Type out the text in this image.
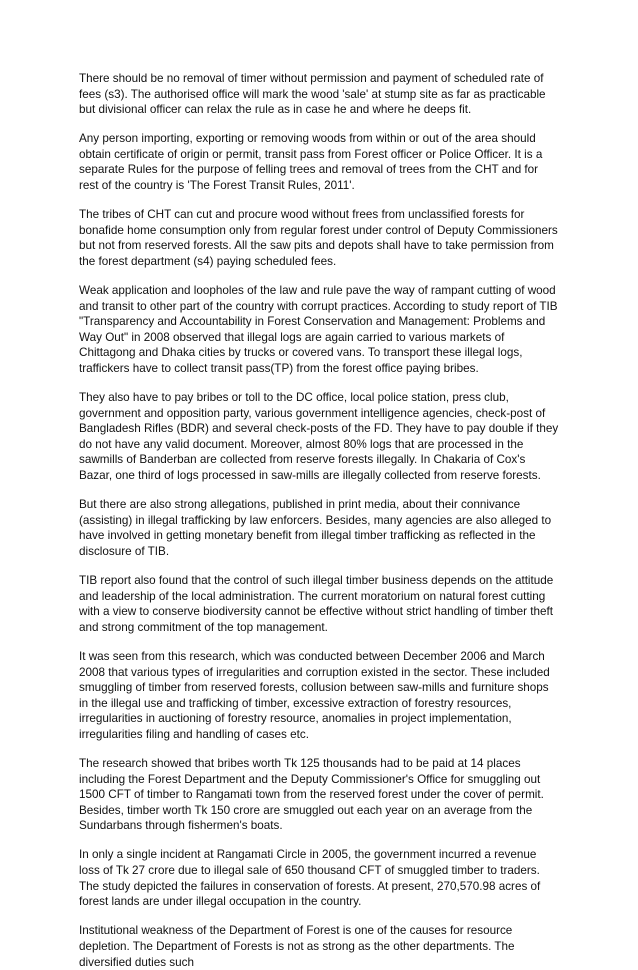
There should be no removal of timer without permission and payment of scheduled rate of fees (s3). The authorised office will mark the wood 'sale' at stump site as far as practicable but divisional officer can relax the rule as in case he and where he deeps fit.

Any person importing, exporting or removing woods from within or out of the area should obtain certificate of origin or permit, transit pass from Forest officer or Police Officer. It is a separate Rules for the purpose of felling trees and removal of trees from the CHT and for rest of the country is 'The Forest Transit Rules, 2011'.

The tribes of CHT can cut and procure wood without frees from unclassified forests for bonafide home consumption only from regular forest under control of Deputy Commissioners but not from reserved forests. All the saw pits and depots shall have to take permission from the forest department (s4) paying scheduled fees.

Weak application and loopholes of the law and rule pave the way of rampant cutting of wood and transit to other part of the country with corrupt practices. According to study report of TIB "Transparency and Accountability in Forest Conservation and Management: Problems and Way Out" in 2008 observed that illegal logs are again carried to various markets of Chittagong and Dhaka cities by trucks or covered vans. To transport these illegal logs, traffickers have to collect transit pass(TP) from the forest office paying bribes.

They also have to pay bribes or toll to the DC office, local police station, press club, government and opposition party, various government intelligence agencies, check-post of Bangladesh Rifles (BDR) and several check-posts of the FD. They have to pay double if they do not have any valid document. Moreover, almost 80% logs that are processed in the sawmills of Banderban are collected from reserve forests illegally. In Chakaria of Cox's Bazar, one third of logs processed in saw-mills are illegally collected from reserve forests.

But there are also strong allegations, published in print media, about their connivance (assisting) in illegal trafficking by law enforcers. Besides, many agencies are also alleged to have involved in getting monetary benefit from illegal timber trafficking as reflected in the disclosure of TIB.

TIB report also found that the control of such illegal timber business depends on the attitude and leadership of the local administration. The current moratorium on natural forest cutting with a view to conserve biodiversity cannot be effective without strict handling of timber theft and strong commitment of the top management.

It was seen from this research, which was conducted between December 2006 and March 2008 that various types of irregularities and corruption existed in the sector. These included smuggling of timber from reserved forests, collusion between saw-mills and furniture shops in the illegal use and trafficking of timber, excessive extraction of forestry resources, irregularities in auctioning of forestry resource, anomalies in project implementation, irregularities filing and handling of cases etc.

The research showed that bribes worth Tk 125 thousands had to be paid at 14 places including the Forest Department and the Deputy Commissioner's Office for smuggling out 1500 CFT of timber to Rangamati town from the reserved forest under the cover of permit. Besides, timber worth Tk 150 crore are smuggled out each year on an average from the Sundarbans through fishermen's boats.

In only a single incident at Rangamati Circle in 2005, the government incurred a revenue loss of Tk 27 crore due to illegal sale of 650 thousand CFT of smuggled timber to traders. The study depicted the failures in conservation of forests. At present, 270,570.98 acres of forest lands are under illegal occupation in the country.

Institutional weakness of the Department of Forest is one of the causes for resource depletion. The Department of Forests is not as strong as the other departments. The diversified duties such
